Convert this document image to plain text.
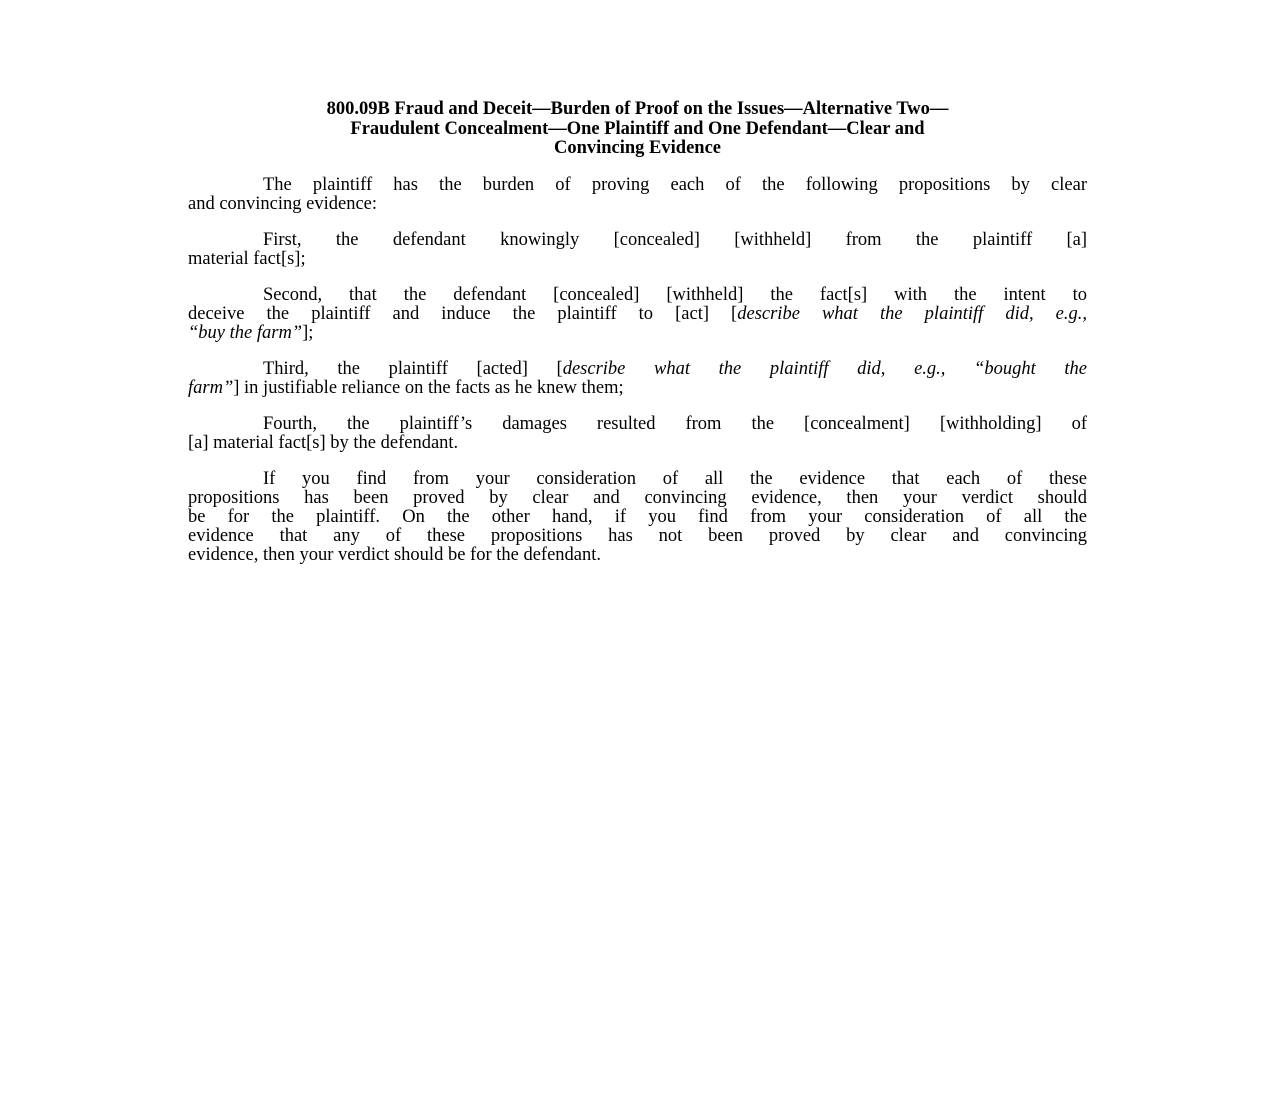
800.09B Fraud and Deceit—Burden of Proof on the Issues—Alternative Two—
Fraudulent Concealment—One Plaintiff and One Defendant—Clear and
Convincing Evidence

The plaintiff has the burden of proving each of the following propositions by clear
and convincing evidence:

First, the defendant knowingly [concealed] [withheld] from the plaintiff [a]
material fact[s];

Second, that the defendant [concealed] [withheld] the fact[s] with the intent to
deceive the plaintiff and induce the plaintiff to [act] [describe what the plaintiff did, e.g.,
“buy the farm”];

Third, the plaintiff [acted] [describe what the plaintiff did, e.g., “bought the
farm”] in justifiable reliance on the facts as he knew them;

Fourth, the plaintiff’s damages resulted from the [concealment] [withholding] of
[a] material fact[s] by the defendant.

If you find from your consideration of all the evidence that each of these
propositions has been proved by clear and convincing evidence, then your verdict should
be for the plaintiff. On the other hand, if you find from your consideration of all the
evidence that any of these propositions has not been proved by clear and convincing
evidence, then your verdict should be for the defendant.
